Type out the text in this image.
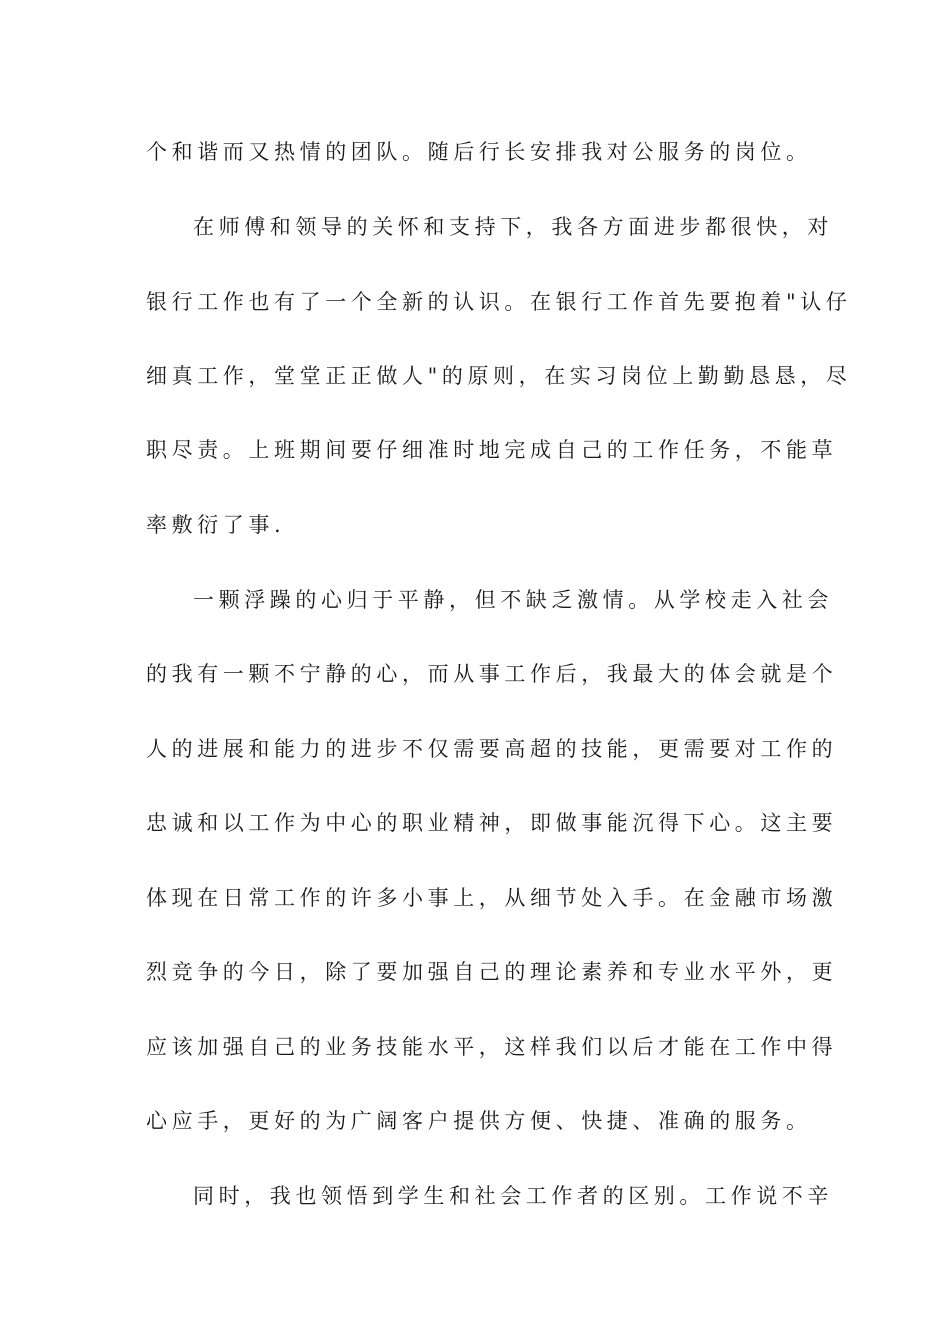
个和谐而又热情的团队。随后行长安排我对公服务的岗位。
在师傅和领导的关怀和支持下，我各方面进步都很快，对
银行工作也有了一个全新的认识。在银行工作首先要抱着"认仔
细真工作，堂堂正正做人"的原则，在实习岗位上勤勤恳恳，尽
职尽责。上班期间要仔细准时地完成自己的工作任务，不能草
率敷衍了事.
一颗浮躁的心归于平静，但不缺乏激情。从学校走入社会
的我有一颗不宁静的心，而从事工作后，我最大的体会就是个
人的进展和能力的进步不仅需要高超的技能，更需要对工作的
忠诚和以工作为中心的职业精神，即做事能沉得下心。这主要
体现在日常工作的许多小事上，从细节处入手。在金融市场激
烈竞争的今日，除了要加强自己的理论素养和专业水平外，更
应该加强自己的业务技能水平，这样我们以后才能在工作中得
心应手，更好的为广阔客户提供方便、快捷、准确的服务。
同时，我也领悟到学生和社会工作者的区别。工作说不辛
